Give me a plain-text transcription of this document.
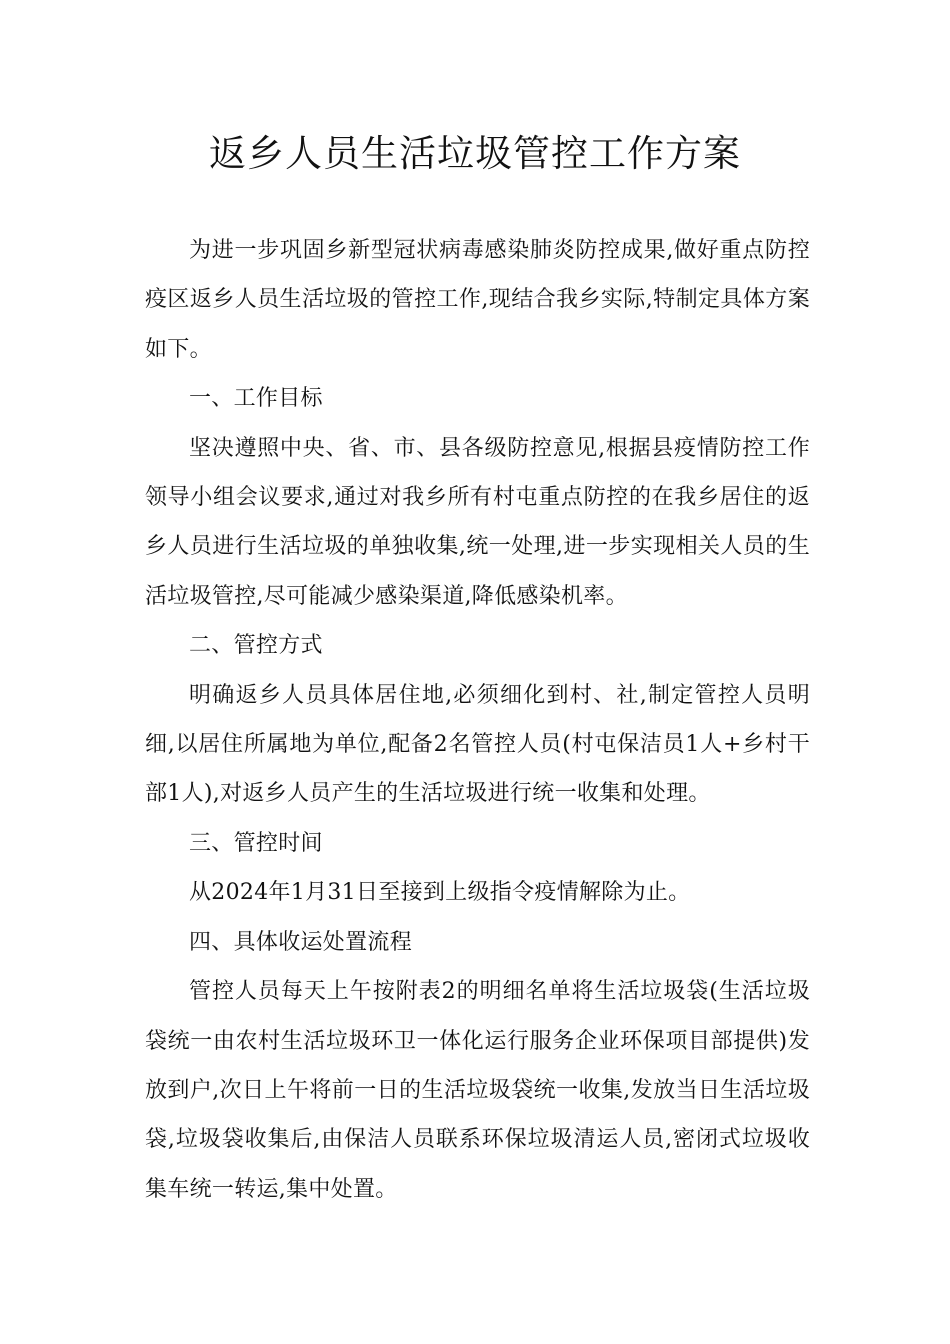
返乡人员生活垃圾管控工作方案

为进一步巩固乡新型冠状病毒感染肺炎防控成果,做好重点防控疫区返乡人员生活垃圾的管控工作,现结合我乡实际,特制定具体方案如下。

一、工作目标

坚决遵照中央、省、市、县各级防控意见,根据县疫情防控工作领导小组会议要求,通过对我乡所有村屯重点防控的在我乡居住的返乡人员进行生活垃圾的单独收集,统一处理,进一步实现相关人员的生活垃圾管控,尽可能减少感染渠道,降低感染机率。

二、管控方式

明确返乡人员具体居住地,必须细化到村、社,制定管控人员明细,以居住所属地为单位,配备2名管控人员(村屯保洁员1人+乡村干部1人),对返乡人员产生的生活垃圾进行统一收集和处理。

三、管控时间

从2024年1月31日至接到上级指令疫情解除为止。

四、具体收运处置流程

管控人员每天上午按附表2的明细名单将生活垃圾袋(生活垃圾袋统一由农村生活垃圾环卫一体化运行服务企业环保项目部提供)发放到户,次日上午将前一日的生活垃圾袋统一收集,发放当日生活垃圾袋,垃圾袋收集后,由保洁人员联系环保垃圾清运人员,密闭式垃圾收集车统一转运,集中处置。
